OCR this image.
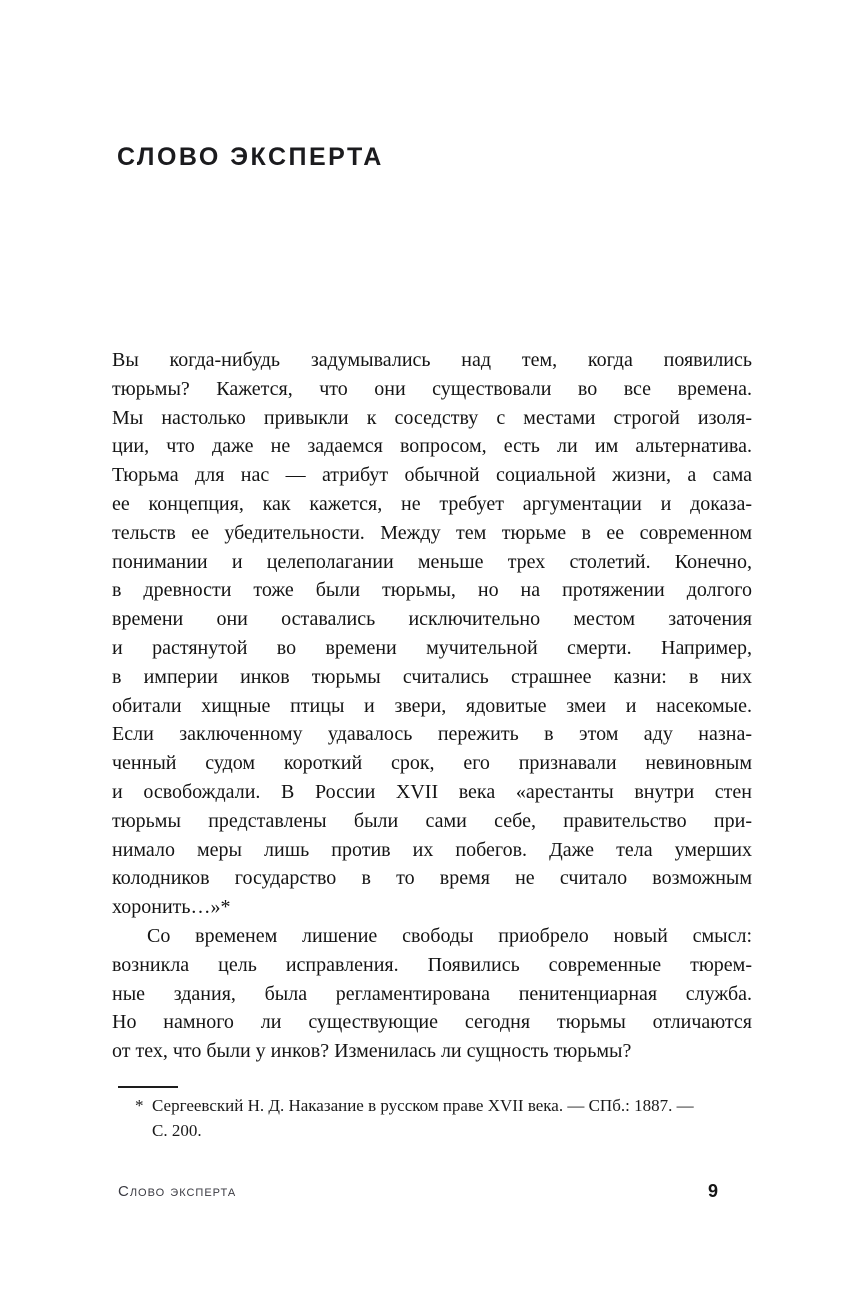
СЛОВО ЭКСПЕРТА
Вы когда-нибудь задумывались над тем, когда появились
тюрьмы? Кажется, что они существовали во все времена.
Мы настолько привыкли к соседству с местами строгой изоля-
ции, что даже не задаемся вопросом, есть ли им альтернатива.
Тюрьма для нас — атрибут обычной социальной жизни, а сама
ее концепция, как кажется, не требует аргументации и доказа-
тельств ее убедительности. Между тем тюрьме в ее современном
понимании и целеполагании меньше трех столетий. Конечно,
в древности тоже были тюрьмы, но на протяжении долгого
времени они оставались исключительно местом заточения
и растянутой во времени мучительной смерти. Например,
в империи инков тюрьмы считались страшнее казни: в них
обитали хищные птицы и звери, ядовитые змеи и насекомые.
Если заключенному удавалось пережить в этом аду назна-
ченный судом короткий срок, его признавали невиновным
и освобождали. В России XVII века «арестанты внутри стен
тюрьмы представлены были сами себе, правительство при-
нимало меры лишь против их побегов. Даже тела умерших
колодников государство в то время не считало возможным
хоронить…»*
Со временем лишение свободы приобрело новый смысл:
возникла цель исправления. Появились современные тюрем-
ные здания, была регламентирована пенитенциарная служба.
Но намного ли существующие сегодня тюрьмы отличаются
от тех, что были у инков? Изменилась ли сущность тюрьмы?
* Сергеевский Н. Д. Наказание в русском праве XVII века. — СПб.: 1887. —
С. 200.
Слово эксперта	9
